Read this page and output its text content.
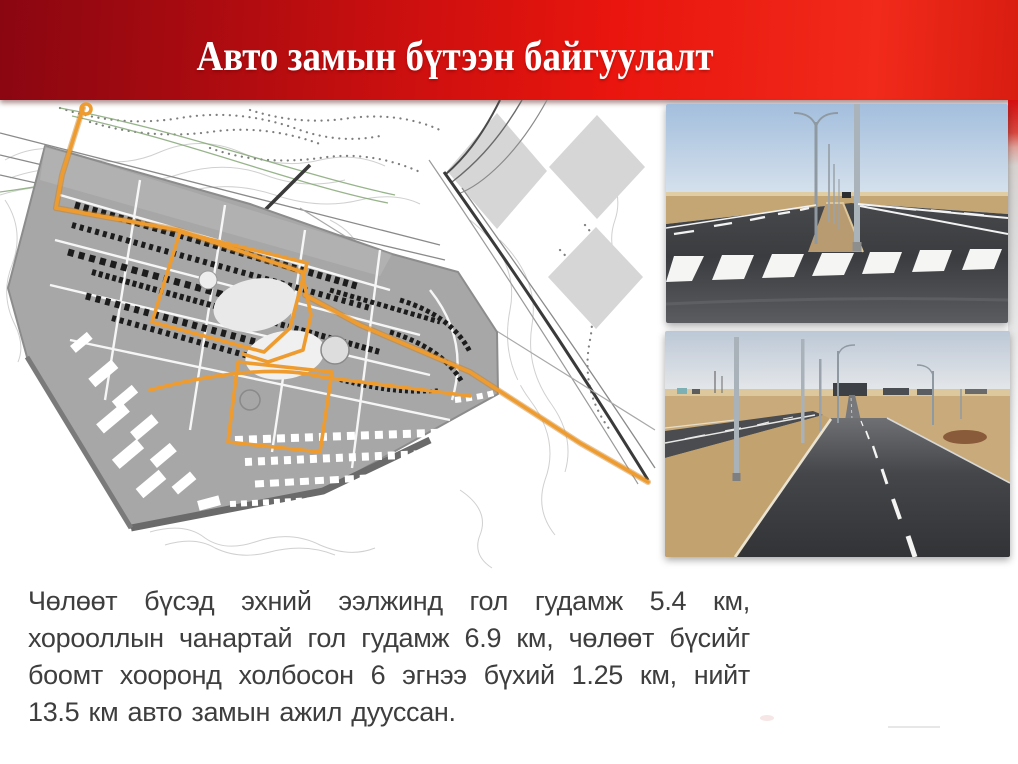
Авто замын бүтээн байгуулалт
Чөлөөт бүсэд эхний ээлжинд гол гудамж 5.4 км,
хорооллын чанартай гол гудамж 6.9 км, чөлөөт бүсийг
боомт хооронд холбосон 6 эгнээ бүхий 1.25 км, нийт
13.5 км авто замын ажил дууссан.
